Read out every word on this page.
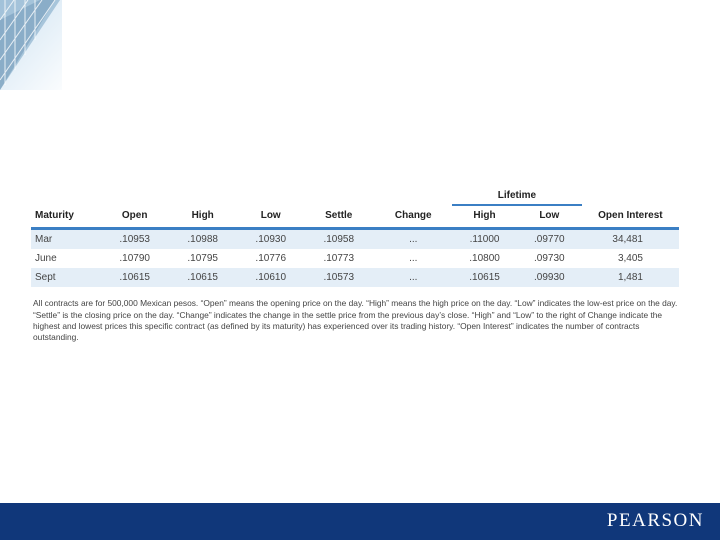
						Lifetime		
Maturity	Open	High	Low	Settle	Change	High	Low	Open Interest
Mar	.10953	.10988	.10930	.10958	...	.11000	.09770	34,481
June	.10790	.10795	.10776	.10773	...	.10800	.09730	3,405
Sept	.10615	.10615	.10610	.10573	...	.10615	.09930	1,481

All contracts are for 500,000 Mexican pesos. “Open” means the opening price on the day. “High” means the high price on the day. “Low” indicates the low-est price on the day. “Settle” is the closing price on the day. “Change” indicates the change in the settle price from the previous day’s close. “High” and “Low” to the right of Change indicate the highest and lowest prices this specific contract (as defined by its maturity) has experienced over its trading history. “Open Interest” indicates the number of contracts outstanding.

PEARSON
